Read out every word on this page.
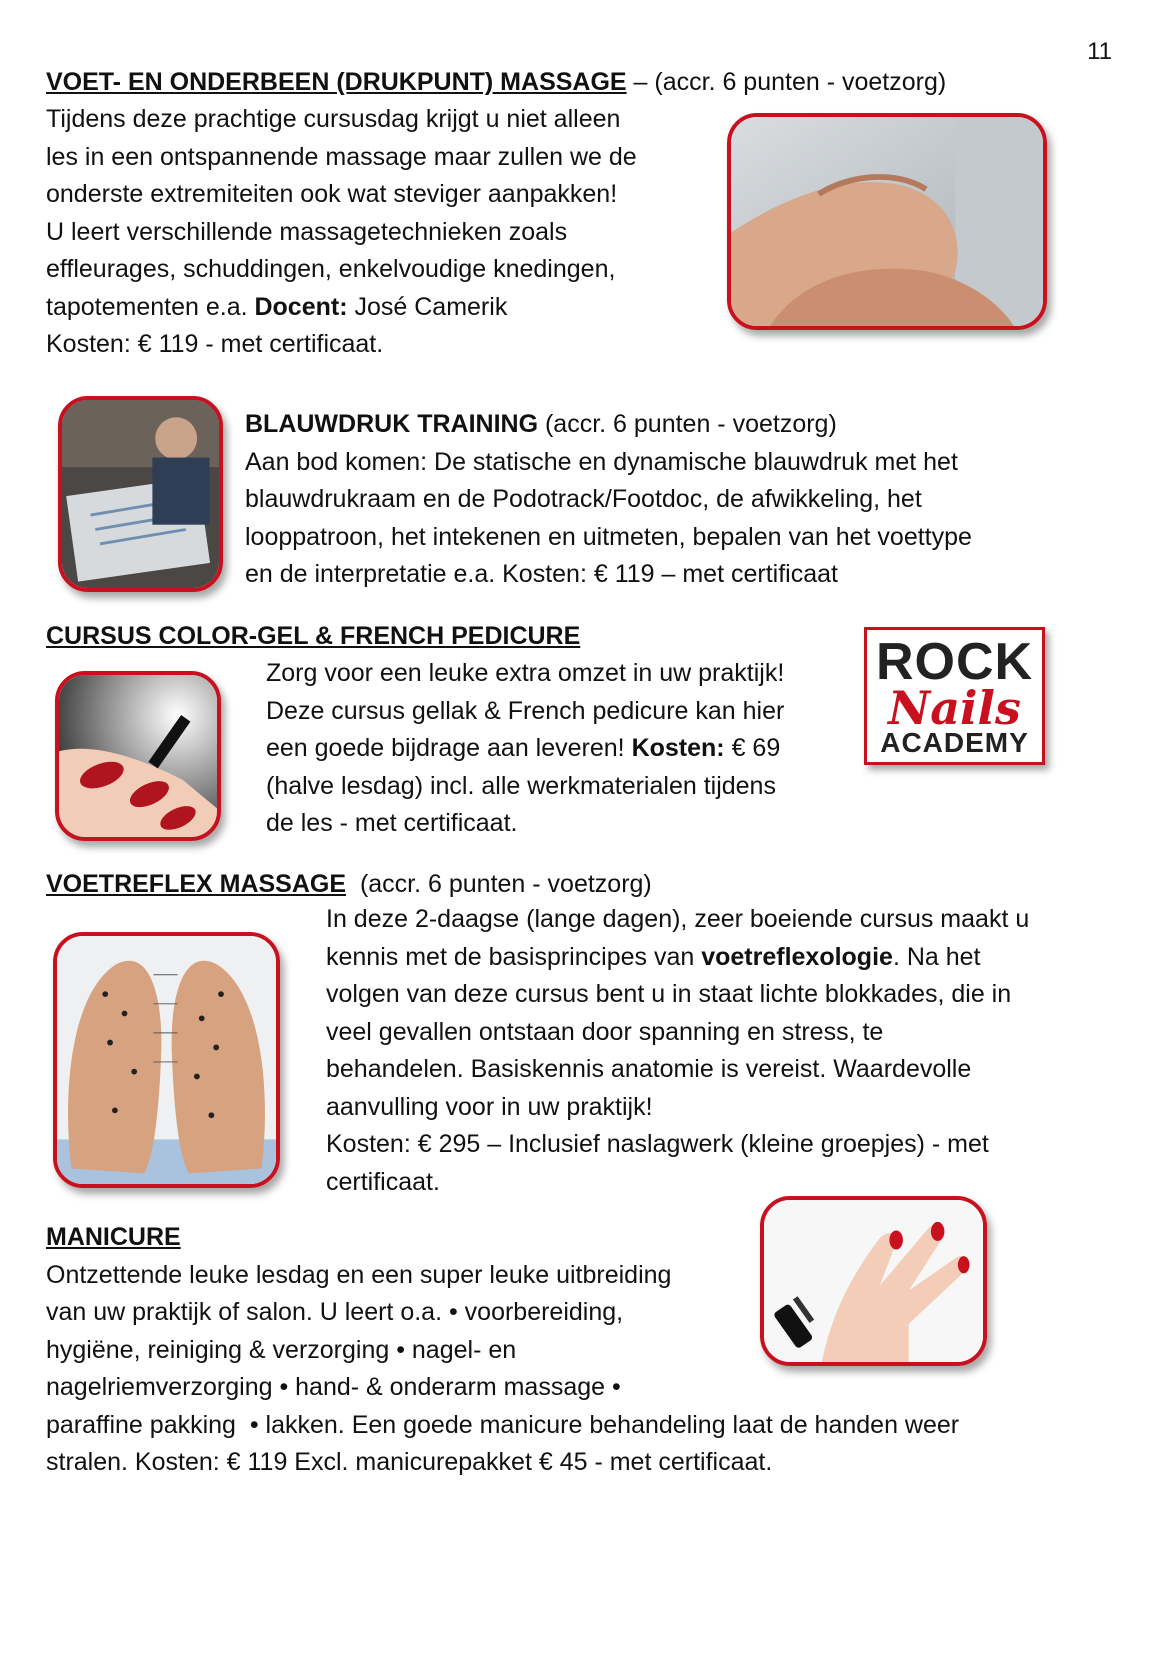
11
VOET- EN ONDERBEEN (DRUKPUNT) MASSAGE – (accr. 6 punten - voetzorg)
Tijdens deze prachtige cursusdag krijgt u niet alleen
les in een ontspannende massage maar zullen we de
onderste extremiteiten ook wat steviger aanpakken!
U leert verschillende massagetechnieken zoals
effleurages, schuddingen, enkelvoudige knedingen,
tapotementen e.a. Docent: José Camerik
Kosten: € 119 - met certificaat.
BLAUWDRUK TRAINING (accr. 6 punten - voetzorg)
Aan bod komen: De statische en dynamische blauwdruk met het
blauwdrukraam en de Podotrack/Footdoc, de afwikkeling, het
looppatroon, het intekenen en uitmeten, bepalen van het voettype
en de interpretatie e.a. Kosten: € 119 – met certificaat
CURSUS COLOR-GEL & FRENCH PEDICURE
Zorg voor een leuke extra omzet in uw praktijk!
Deze cursus gellak & French pedicure kan hier
een goede bijdrage aan leveren! Kosten: € 69
(halve lesdag) incl. alle werkmaterialen tijdens
de les - met certificaat.
ROCK
Nails
ACADEMY
VOETREFLEX MASSAGE  (accr. 6 punten - voetzorg)
In deze 2-daagse (lange dagen), zeer boeiende cursus maakt u
kennis met de basisprincipes van voetreflexologie. Na het
volgen van deze cursus bent u in staat lichte blokkades, die in
veel gevallen ontstaan door spanning en stress, te
behandelen. Basiskennis anatomie is vereist. Waardevolle
aanvulling voor in uw praktijk!
Kosten: € 295 – Inclusief naslagwerk (kleine groepjes) - met
certificaat.
MANICURE
Ontzettende leuke lesdag en een super leuke uitbreiding
van uw praktijk of salon. U leert o.a. • voorbereiding,
hygiëne, reiniging & verzorging • nagel- en
nagelriemverzorging • hand- & onderarm massage •
paraffine pakking  • lakken. Een goede manicure behandeling laat de handen weer
stralen. Kosten: € 119 Excl. manicurepakket € 45 - met certificaat.
